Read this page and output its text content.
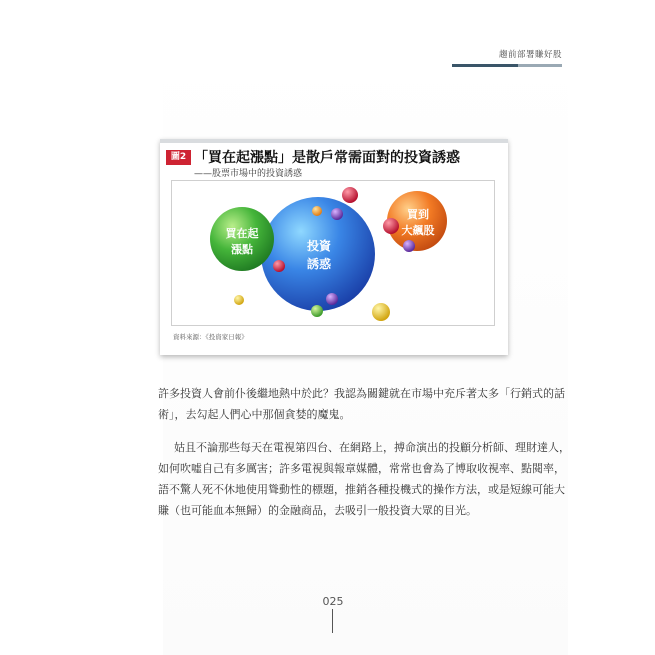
趨前部署賺好股
圖2 「買在起漲點」是散戶常需面對的投資誘惑
——股票市場中的投資誘惑
投資
誘惑
買在起
漲點
買到
大飆股
資料來源：《投資家日報》

許多投資人會前仆後繼地熱中於此？我認為關鍵就在市場中充斥著太多「行銷式的話術」，去勾起人們心中那個貪婪的魔鬼。

姑且不論那些每天在電視第四台、在網路上，搏命演出的投顧分析師、理財達人，如何吹噓自己有多厲害；許多電視與報章媒體，常常也會為了博取收視率、點閱率，語不驚人死不休地使用聳動性的標題，推銷各種投機式的操作方法，或是短線可能大賺（也可能血本無歸）的金融商品，去吸引一般投資大眾的目光。

025
